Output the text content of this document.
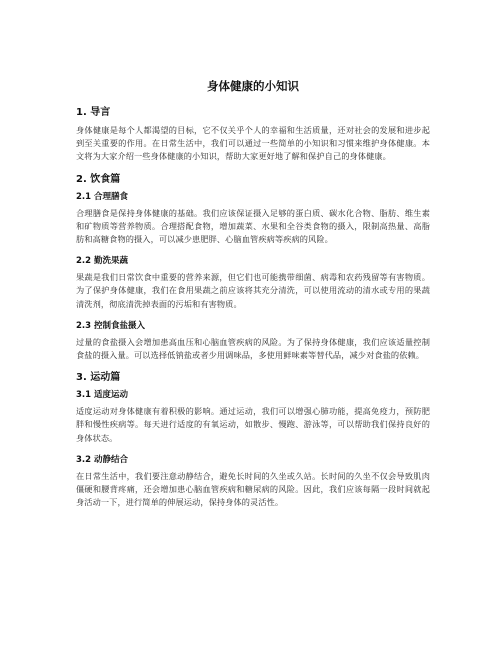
身体健康的小知识
1. 导言

身体健康是每个人都渴望的目标，它不仅关乎个人的幸福和生活质量，还对社会的发展和进步起到至关重要的作用。在日常生活中，我们可以通过一些简单的小知识和习惯来维护身体健康。本文将为大家介绍一些身体健康的小知识，帮助大家更好地了解和保护自己的身体健康。

2. 饮食篇
2.1 合理膳食

合理膳食是保持身体健康的基础。我们应该保证摄入足够的蛋白质、碳水化合物、脂肪、维生素和矿物质等营养物质。合理搭配食物，增加蔬菜、水果和全谷类食物的摄入，限制高热量、高脂肪和高糖食物的摄入，可以减少患肥胖、心脑血管疾病等疾病的风险。

2.2 勤洗果蔬

果蔬是我们日常饮食中重要的营养来源，但它们也可能携带细菌、病毒和农药残留等有害物质。为了保护身体健康，我们在食用果蔬之前应该将其充分清洗，可以使用流动的清水或专用的果蔬清洗剂，彻底清洗掉表面的污垢和有害物质。

2.3 控制食盐摄入

过量的食盐摄入会增加患高血压和心脑血管疾病的风险。为了保持身体健康，我们应该适量控制食盐的摄入量。可以选择低钠盐或者少用调味品，多使用鲜味素等替代品，减少对食盐的依赖。

3. 运动篇
3.1 适度运动

适度运动对身体健康有着积极的影响。通过运动，我们可以增强心肺功能，提高免疫力，预防肥胖和慢性疾病等。每天进行适度的有氧运动，如散步、慢跑、游泳等，可以帮助我们保持良好的身体状态。

3.2 动静结合

在日常生活中，我们要注意动静结合，避免长时间的久坐或久站。长时间的久坐不仅会导致肌肉僵硬和腰背疼痛，还会增加患心脑血管疾病和糖尿病的风险。因此，我们应该每隔一段时间就起身活动一下，进行简单的伸展运动，保持身体的灵活性。
